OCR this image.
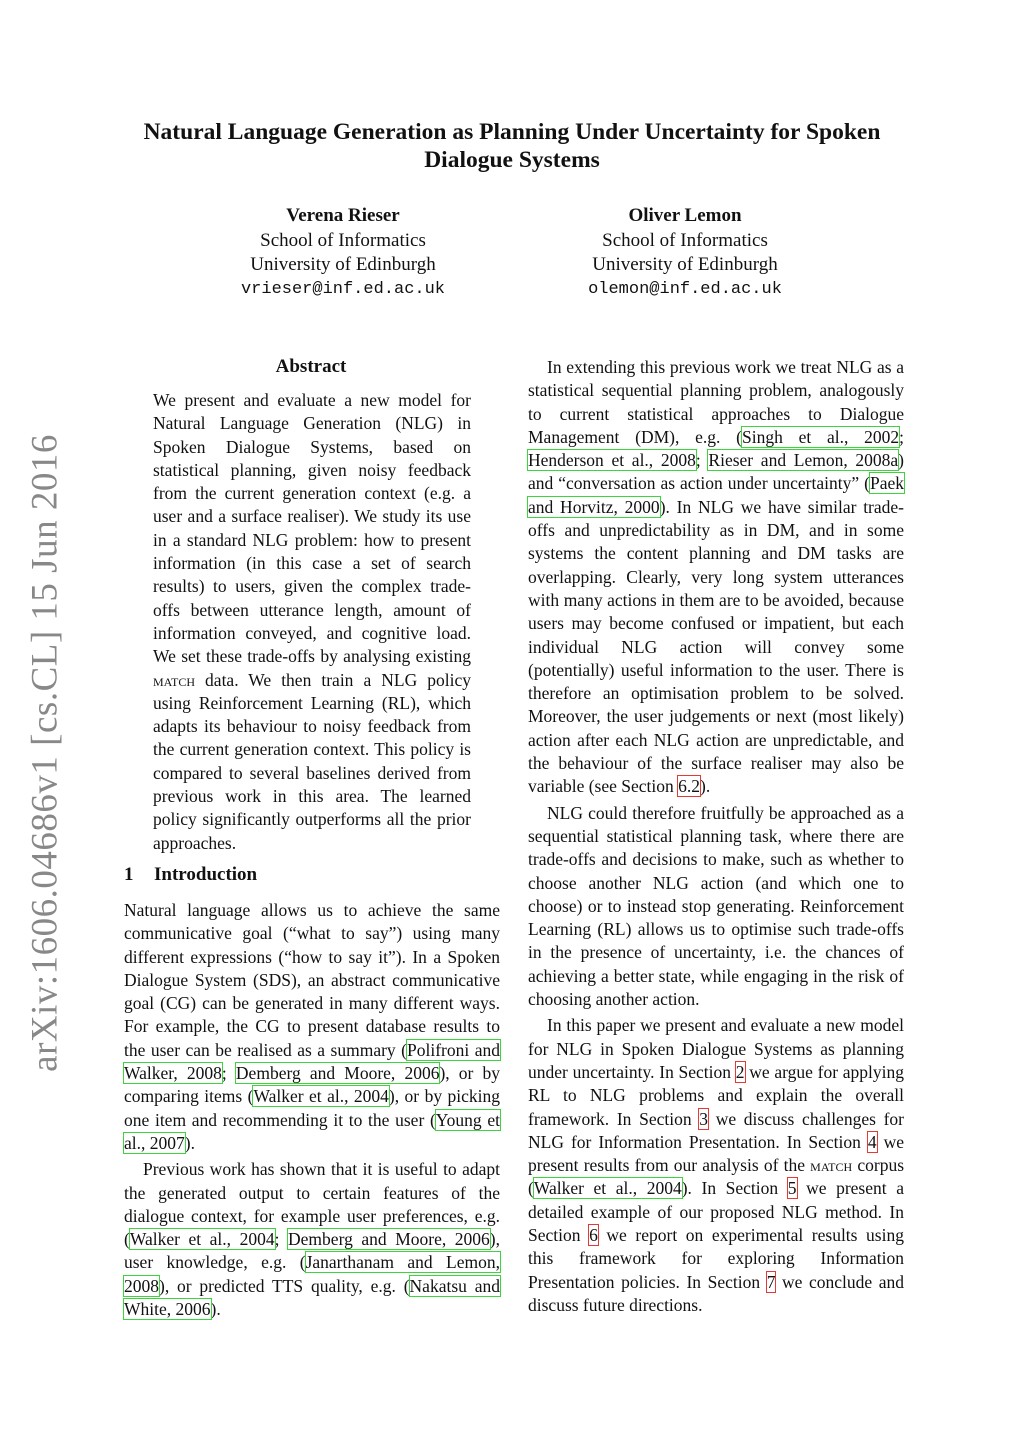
arXiv:1606.04686v1 [cs.CL] 15 Jun 2016
Natural Language Generation as Planning Under Uncertainty for Spoken Dialogue Systems
Verena Rieser
School of Informatics
University of Edinburgh
vrieser@inf.ed.ac.uk
Oliver Lemon
School of Informatics
University of Edinburgh
olemon@inf.ed.ac.uk
Abstract
We present and evaluate a new model for Natural Language Generation (NLG) in Spoken Dialogue Systems, based on statistical planning, given noisy feedback from the current generation context (e.g. a user and a surface realiser). We study its use in a standard NLG problem: how to present information (in this case a set of search results) to users, given the complex trade-offs between utterance length, amount of information conveyed, and cognitive load. We set these trade-offs by analysing existing match data. We then train a NLG policy using Reinforcement Learning (RL), which adapts its behaviour to noisy feedback from the current generation context. This policy is compared to several baselines derived from previous work in this area. The learned policy significantly outperforms all the prior approaches.
1 Introduction

Natural language allows us to achieve the same communicative goal (“what to say”) using many different expressions (“how to say it”). In a Spoken Dialogue System (SDS), an abstract communicative goal (CG) can be generated in many different ways. For example, the CG to present database results to the user can be realised as a summary (Polifroni and Walker, 2008; Demberg and Moore, 2006), or by comparing items (Walker et al., 2004), or by picking one item and recommending it to the user (Young et al., 2007).

Previous work has shown that it is useful to adapt the generated output to certain features of the dialogue context, for example user preferences, e.g. (Walker et al., 2004; Demberg and Moore, 2006), user knowledge, e.g. (Janarthanam and Lemon, 2008), or predicted TTS quality, e.g. (Nakatsu and White, 2006).

In extending this previous work we treat NLG as a statistical sequential planning problem, analogously to current statistical approaches to Dialogue Management (DM), e.g. (Singh et al., 2002; Henderson et al., 2008; Rieser and Lemon, 2008a) and “conversation as action under uncertainty” (Paek and Horvitz, 2000). In NLG we have similar trade-offs and unpredictability as in DM, and in some systems the content planning and DM tasks are overlapping. Clearly, very long system utterances with many actions in them are to be avoided, because users may become confused or impatient, but each individual NLG action will convey some (potentially) useful information to the user. There is therefore an optimisation problem to be solved. Moreover, the user judgements or next (most likely) action after each NLG action are unpredictable, and the behaviour of the surface realiser may also be variable (see Section 6.2).

NLG could therefore fruitfully be approached as a sequential statistical planning task, where there are trade-offs and decisions to make, such as whether to choose another NLG action (and which one to choose) or to instead stop generating. Reinforcement Learning (RL) allows us to optimise such trade-offs in the presence of uncertainty, i.e. the chances of achieving a better state, while engaging in the risk of choosing another action.

In this paper we present and evaluate a new model for NLG in Spoken Dialogue Systems as planning under uncertainty. In Section 2 we argue for applying RL to NLG problems and explain the overall framework. In Section 3 we discuss challenges for NLG for Information Presentation. In Section 4 we present results from our analysis of the match corpus (Walker et al., 2004). In Section 5 we present a detailed example of our proposed NLG method. In Section 6 we report on experimental results using this framework for exploring Information Presentation policies. In Section 7 we conclude and discuss future directions.
